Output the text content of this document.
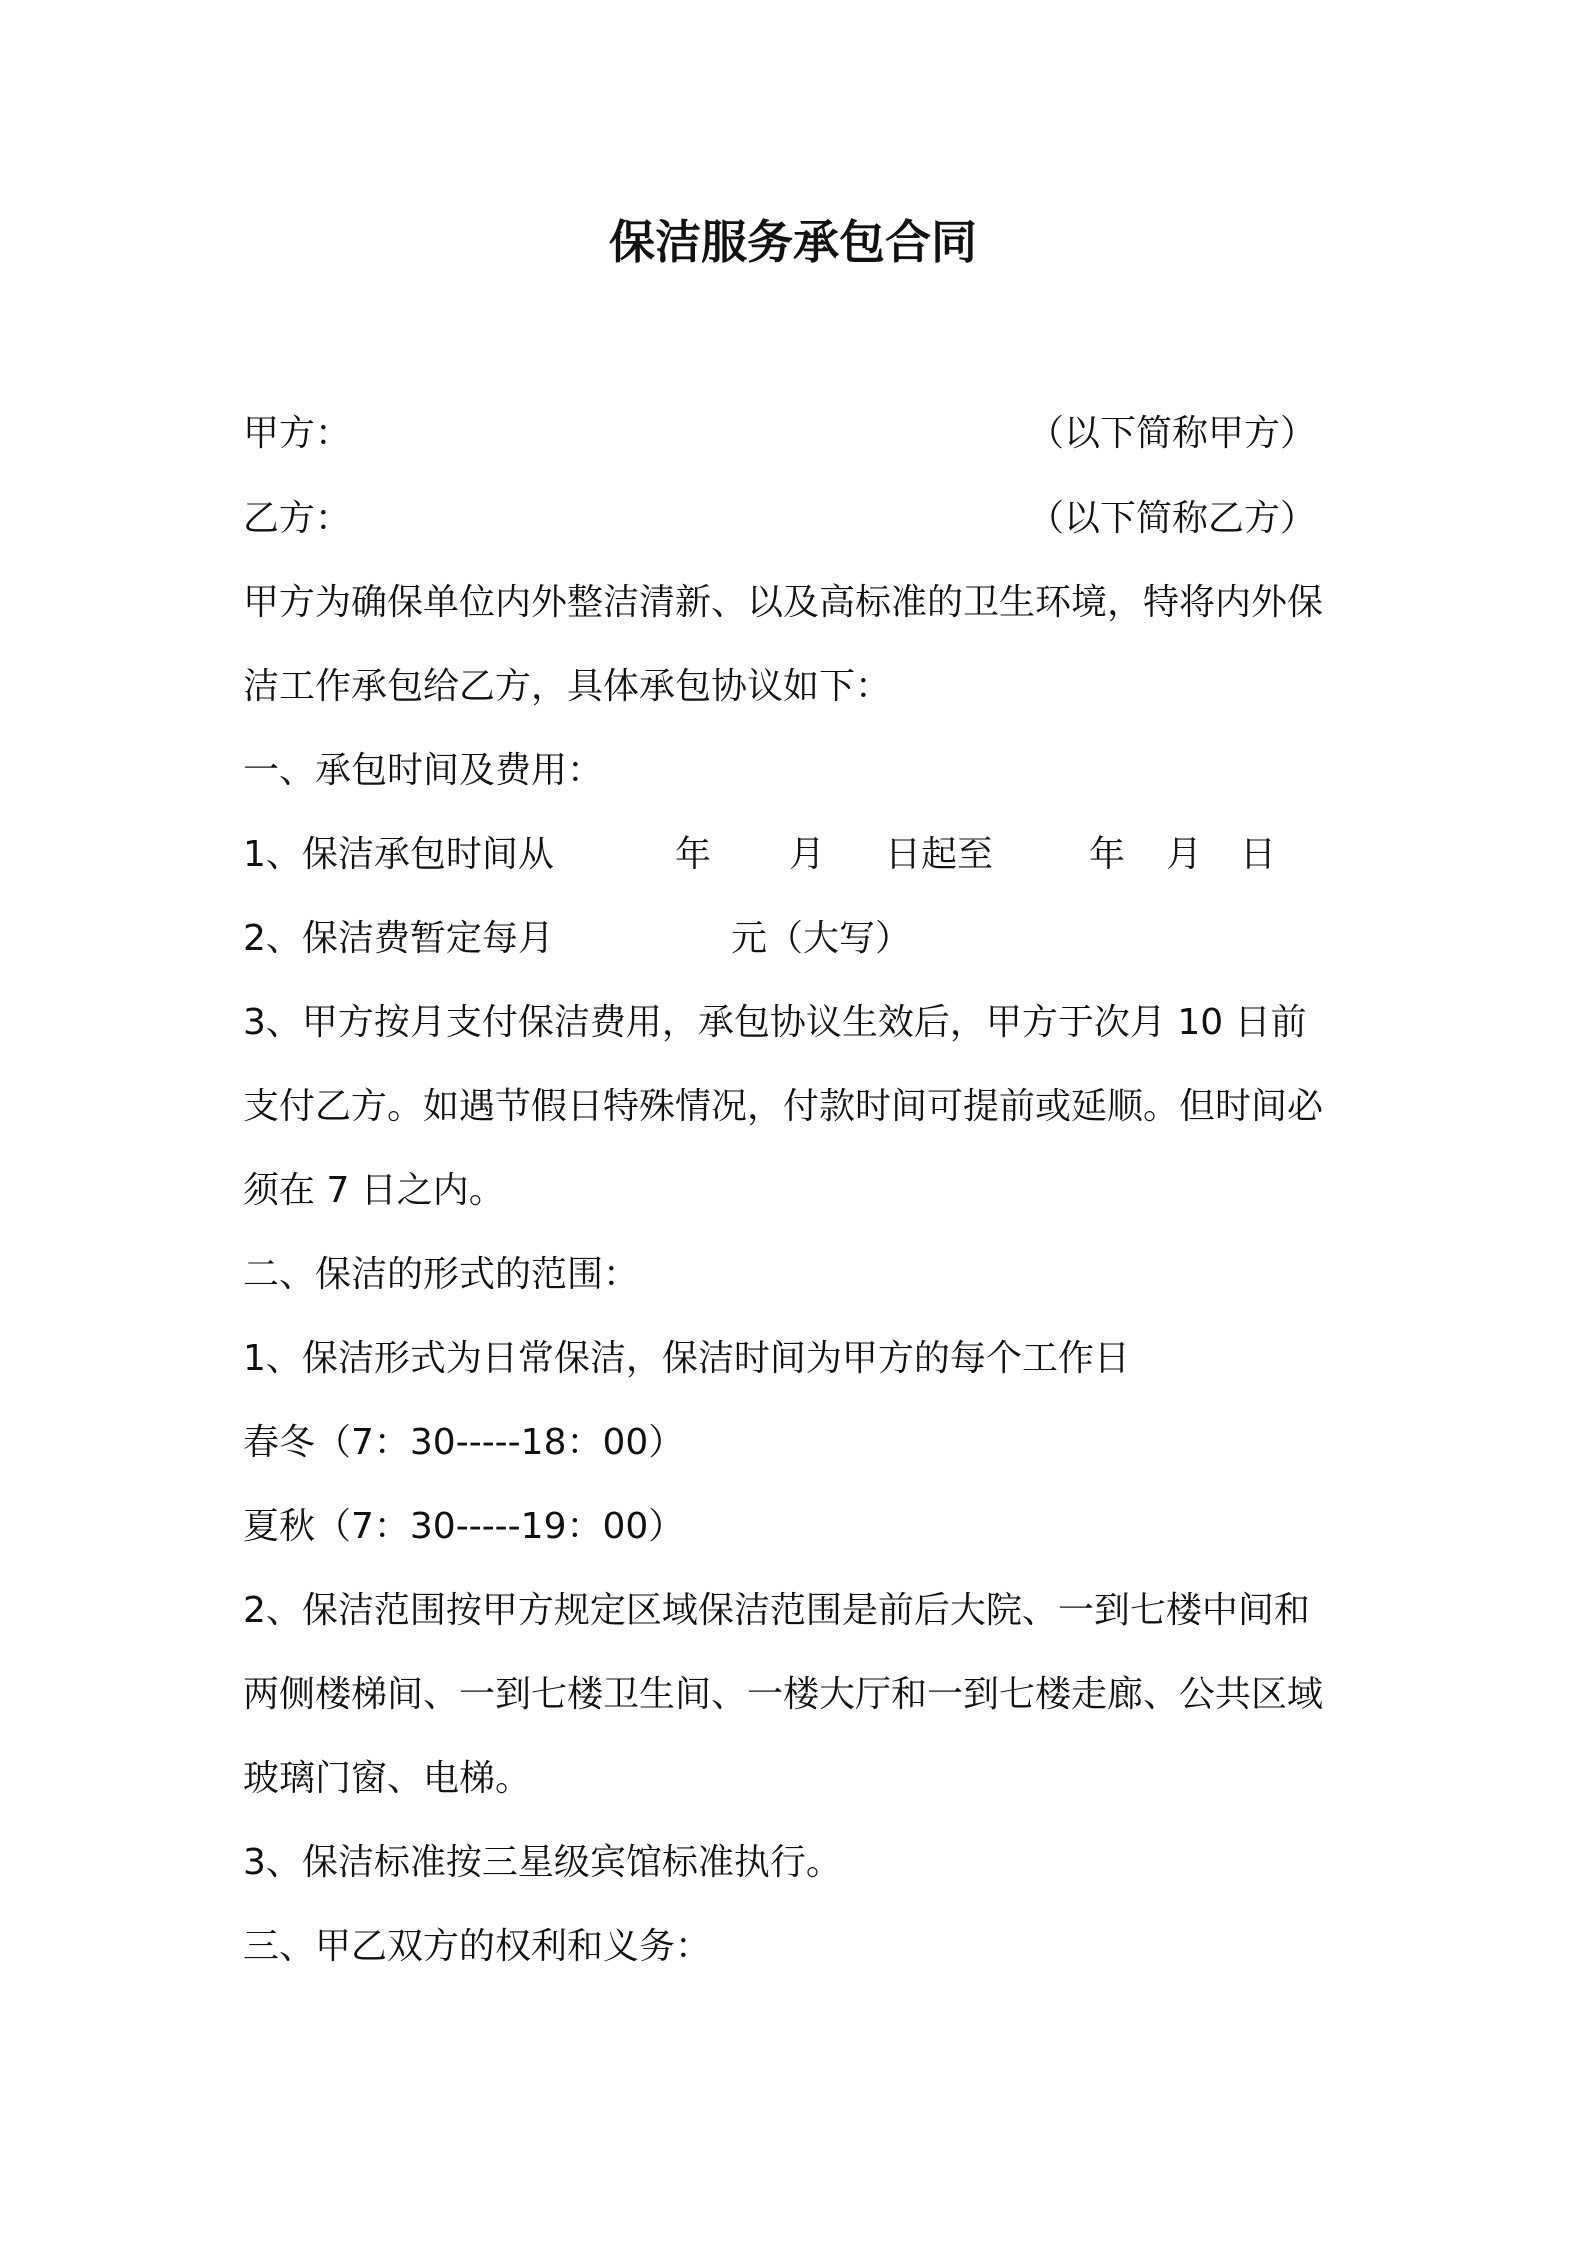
保洁服务承包合同
甲方：	（以下简称甲方）
乙方：	（以下简称乙方）
甲方为确保单位内外整洁清新、以及高标准的卫生环境，特将内外保
洁工作承包给乙方，具体承包协议如下：
一、承包时间及费用：
1、保洁承包时间从	年 月 日起至	年 月 日
2、保洁费暂定每月	元（大写）
3、甲方按月支付保洁费用，承包协议生效后，甲方于次月 10 日前
支付乙方。如遇节假日特殊情况，付款时间可提前或延顺。但时间必
须在 7 日之内。
二、保洁的形式的范围：
1、保洁形式为日常保洁，保洁时间为甲方的每个工作日
春冬（7：30-----18：00）
夏秋（7：30-----19：00）
2、保洁范围按甲方规定区域保洁范围是前后大院、一到七楼中间和
两侧楼梯间、一到七楼卫生间、一楼大厅和一到七楼走廊、公共区域
玻璃门窗、电梯。
3、保洁标准按三星级宾馆标准执行。
三、甲乙双方的权利和义务：
